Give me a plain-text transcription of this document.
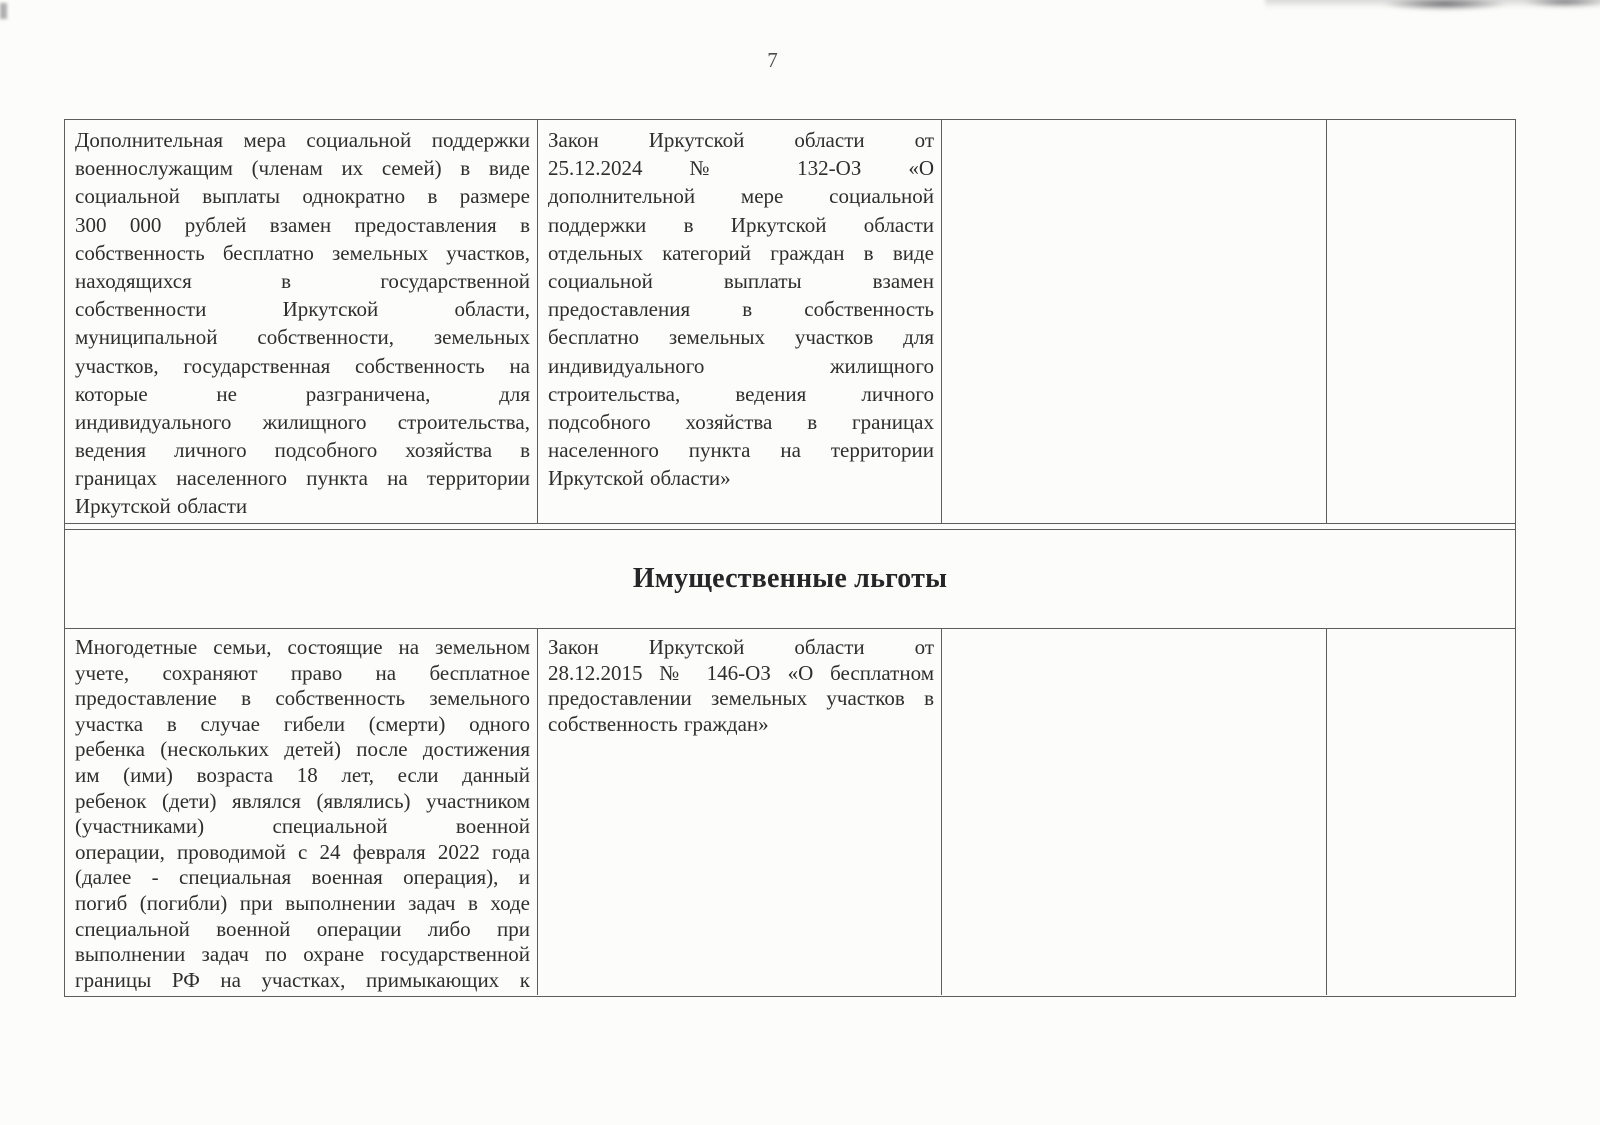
7
Дополнительная мера социальной поддержки
военнослужащим (членам их семей) в виде
социальной выплаты однократно в размере
300 000 рублей взамен предоставления в
собственность бесплатно земельных участков,
находящихся в государственной
собственности Иркутской области,
муниципальной собственности, земельных
участков, государственная собственность на
которые не разграничена, для
индивидуального жилищного строительства,
ведения личного подсобного хозяйства в
границах населенного пункта на территории
Иркутской области
Закон Иркутской области от
25.12.2024 № 132-ОЗ «О
дополнительной мере социальной
поддержки в Иркутской области
отдельных категорий граждан в виде
социальной выплаты взамен
предоставления в собственность
бесплатно земельных участков для
индивидуального жилищного
строительства, ведения личного
подсобного хозяйства в границах
населенного пункта на территории
Иркутской области»
Имущественные льготы
Многодетные семьи, состоящие на земельном
учете, сохраняют право на бесплатное
предоставление в собственность земельного
участка в случае гибели (смерти) одного
ребенка (нескольких детей) после достижения
им (ими) возраста 18 лет, если данный
ребенок (дети) являлся (являлись) участником
(участниками) специальной военной
операции, проводимой с 24 февраля 2022 года
(далее - специальная военная операция), и
погиб (погибли) при выполнении задач в ходе
специальной военной операции либо при
выполнении задач по охране государственной
границы РФ на участках, примыкающих к
Закон Иркутской области от
28.12.2015 № 146-ОЗ «О бесплатном
предоставлении земельных участков в
собственность граждан»
